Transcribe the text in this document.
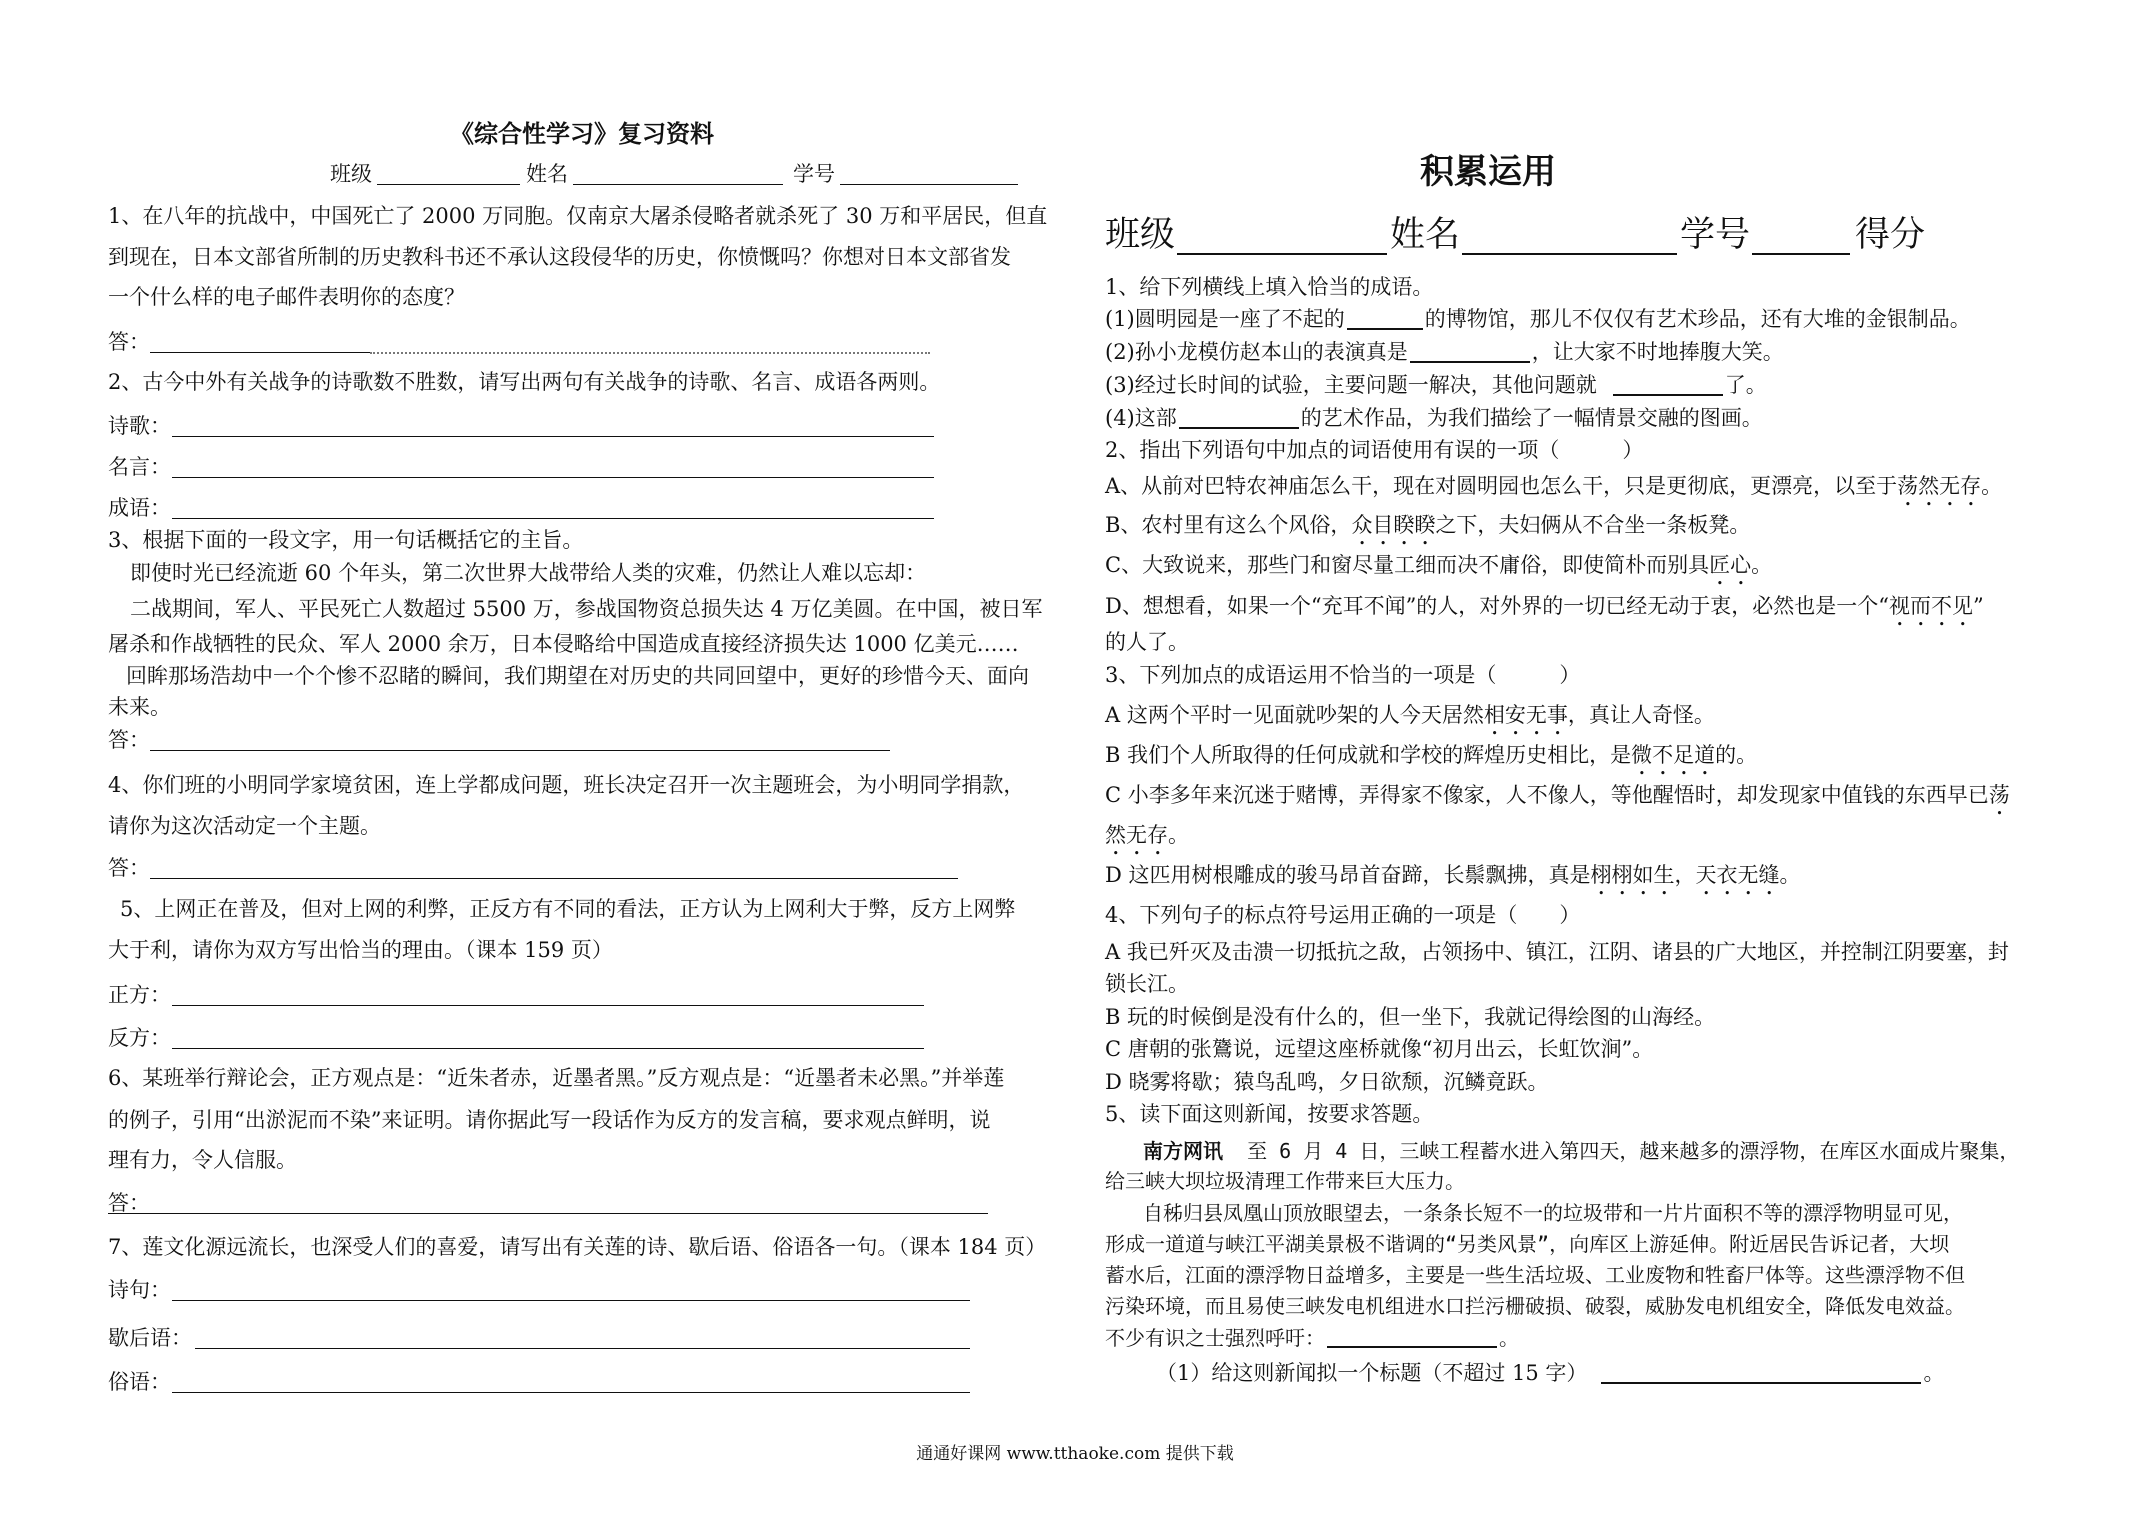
《综合性学习》复习资料
班级	姓名	学号
1、在八年的抗战中，中国死亡了 2000 万同胞。仅南京大屠杀侵略者就杀死了 30 万和平居民，但直
到现在，日本文部省所制的历史教科书还不承认这段侵华的历史，你愤慨吗？你想对日本文部省发
一个什么样的电子邮件表明你的态度？
答：
2、古今中外有关战争的诗歌数不胜数，请写出两句有关战争的诗歌、名言、成语各两则。
诗歌：
名言：
成语：
3、根据下面的一段文字，用一句话概括它的主旨。
即使时光已经流逝 60 个年头，第二次世界大战带给人类的灾难，仍然让人难以忘却：
二战期间，军人、平民死亡人数超过 5500 万，参战国物资总损失达 4 万亿美圆。在中国，被日军
屠杀和作战牺牲的民众、军人 2000 余万，日本侵略给中国造成直接经济损失达 1000 亿美元……
回眸那场浩劫中一个个惨不忍睹的瞬间，我们期望在对历史的共同回望中，更好的珍惜今天、面向
未来。
答：
4、你们班的小明同学家境贫困，连上学都成问题，班长决定召开一次主题班会，为小明同学捐款，
请你为这次活动定一个主题。
答：
5、上网正在普及，但对上网的利弊，正反方有不同的看法，正方认为上网利大于弊，反方上网弊
大于利，请你为双方写出恰当的理由。（课本 159 页）
正方：
反方：
6、某班举行辩论会，正方观点是：“近朱者赤，近墨者黑。”反方观点是：“近墨者未必黑。”并举莲
的例子，引用“出淤泥而不染”来证明。请你据此写一段话作为反方的发言稿，要求观点鲜明，说
理有力，令人信服。
答：
7、莲文化源远流长，也深受人们的喜爱，请写出有关莲的诗、歇后语、俗语各一句。（课本 184 页）
诗句：
歇后语：
俗语：
积累运用
班级	姓名	学号	得分
1、给下列横线上填入恰当的成语。
(1)圆明园是一座了不起的	的博物馆，那儿不仅仅有艺术珍品，还有大堆的金银制品。
(2)孙小龙模仿赵本山的表演真是	，让大家不时地捧腹大笑。
(3)经过长时间的试验，主要问题一解决，其他问题就	了。
(4)这部	的艺术作品，为我们描绘了一幅情景交融的图画。
2、指出下列语句中加点的词语使用有误的一项（　　　）
A、从前对巴特农神庙怎么干，现在对圆明园也怎么干，只是更彻底，更漂亮，以至于荡然无存。
B、农村里有这么个风俗，众目睽睽之下，夫妇俩从不合坐一条板凳。
C、大致说来，那些门和窗尽量工细而决不庸俗，即使简朴而别具匠心。
D、想想看，如果一个“充耳不闻”的人，对外界的一切已经无动于衷，必然也是一个“视而不见”
的人了。
3、下列加点的成语运用不恰当的一项是（　　　）
A 这两个平时一见面就吵架的人今天居然相安无事，真让人奇怪。
B 我们个人所取得的任何成就和学校的辉煌历史相比，是微不足道的。
C 小李多年来沉迷于赌博，弄得家不像家，人不像人，等他醒悟时，却发现家中值钱的东西早已荡
然无存。
D 这匹用树根雕成的骏马昂首奋蹄，长鬃飘拂，真是栩栩如生，天衣无缝。
4、下列句子的标点符号运用正确的一项是（　　）
A 我已歼灭及击溃一切抵抗之敌，占领扬中、镇江，江阴、诸县的广大地区，并控制江阴要塞，封
锁长江。
B 玩的时候倒是没有什么的，但一坐下，我就记得绘图的山海经。
C 唐朝的张鷟说，远望这座桥就像“初月出云，长虹饮涧”。
D 晓雾将歇；猿鸟乱鸣，夕日欲颓，沉鳞竟跃。
5、读下面这则新闻，按要求答题。
南方网讯 至 6 月 4 日，三峡工程蓄水进入第四天，越来越多的漂浮物，在库区水面成片聚集，
给三峡大坝垃圾清理工作带来巨大压力。
自秭归县凤凰山顶放眼望去，一条条长短不一的垃圾带和一片片面积不等的漂浮物明显可见，
形成一道道与峡江平湖美景极不谐调的“另类风景”，向库区上游延伸。附近居民告诉记者，大坝
蓄水后，江面的漂浮物日益增多，主要是一些生活垃圾、工业废物和牲畜尸体等。这些漂浮物不但
污染环境，而且易使三峡发电机组进水口拦污栅破损、破裂，威胁发电机组安全，降低发电效益。
不少有识之士强烈呼吁：	。
（1）给这则新闻拟一个标题（不超过 15 字）	。
通通好课网 www.tthaoke.com 提供下载
